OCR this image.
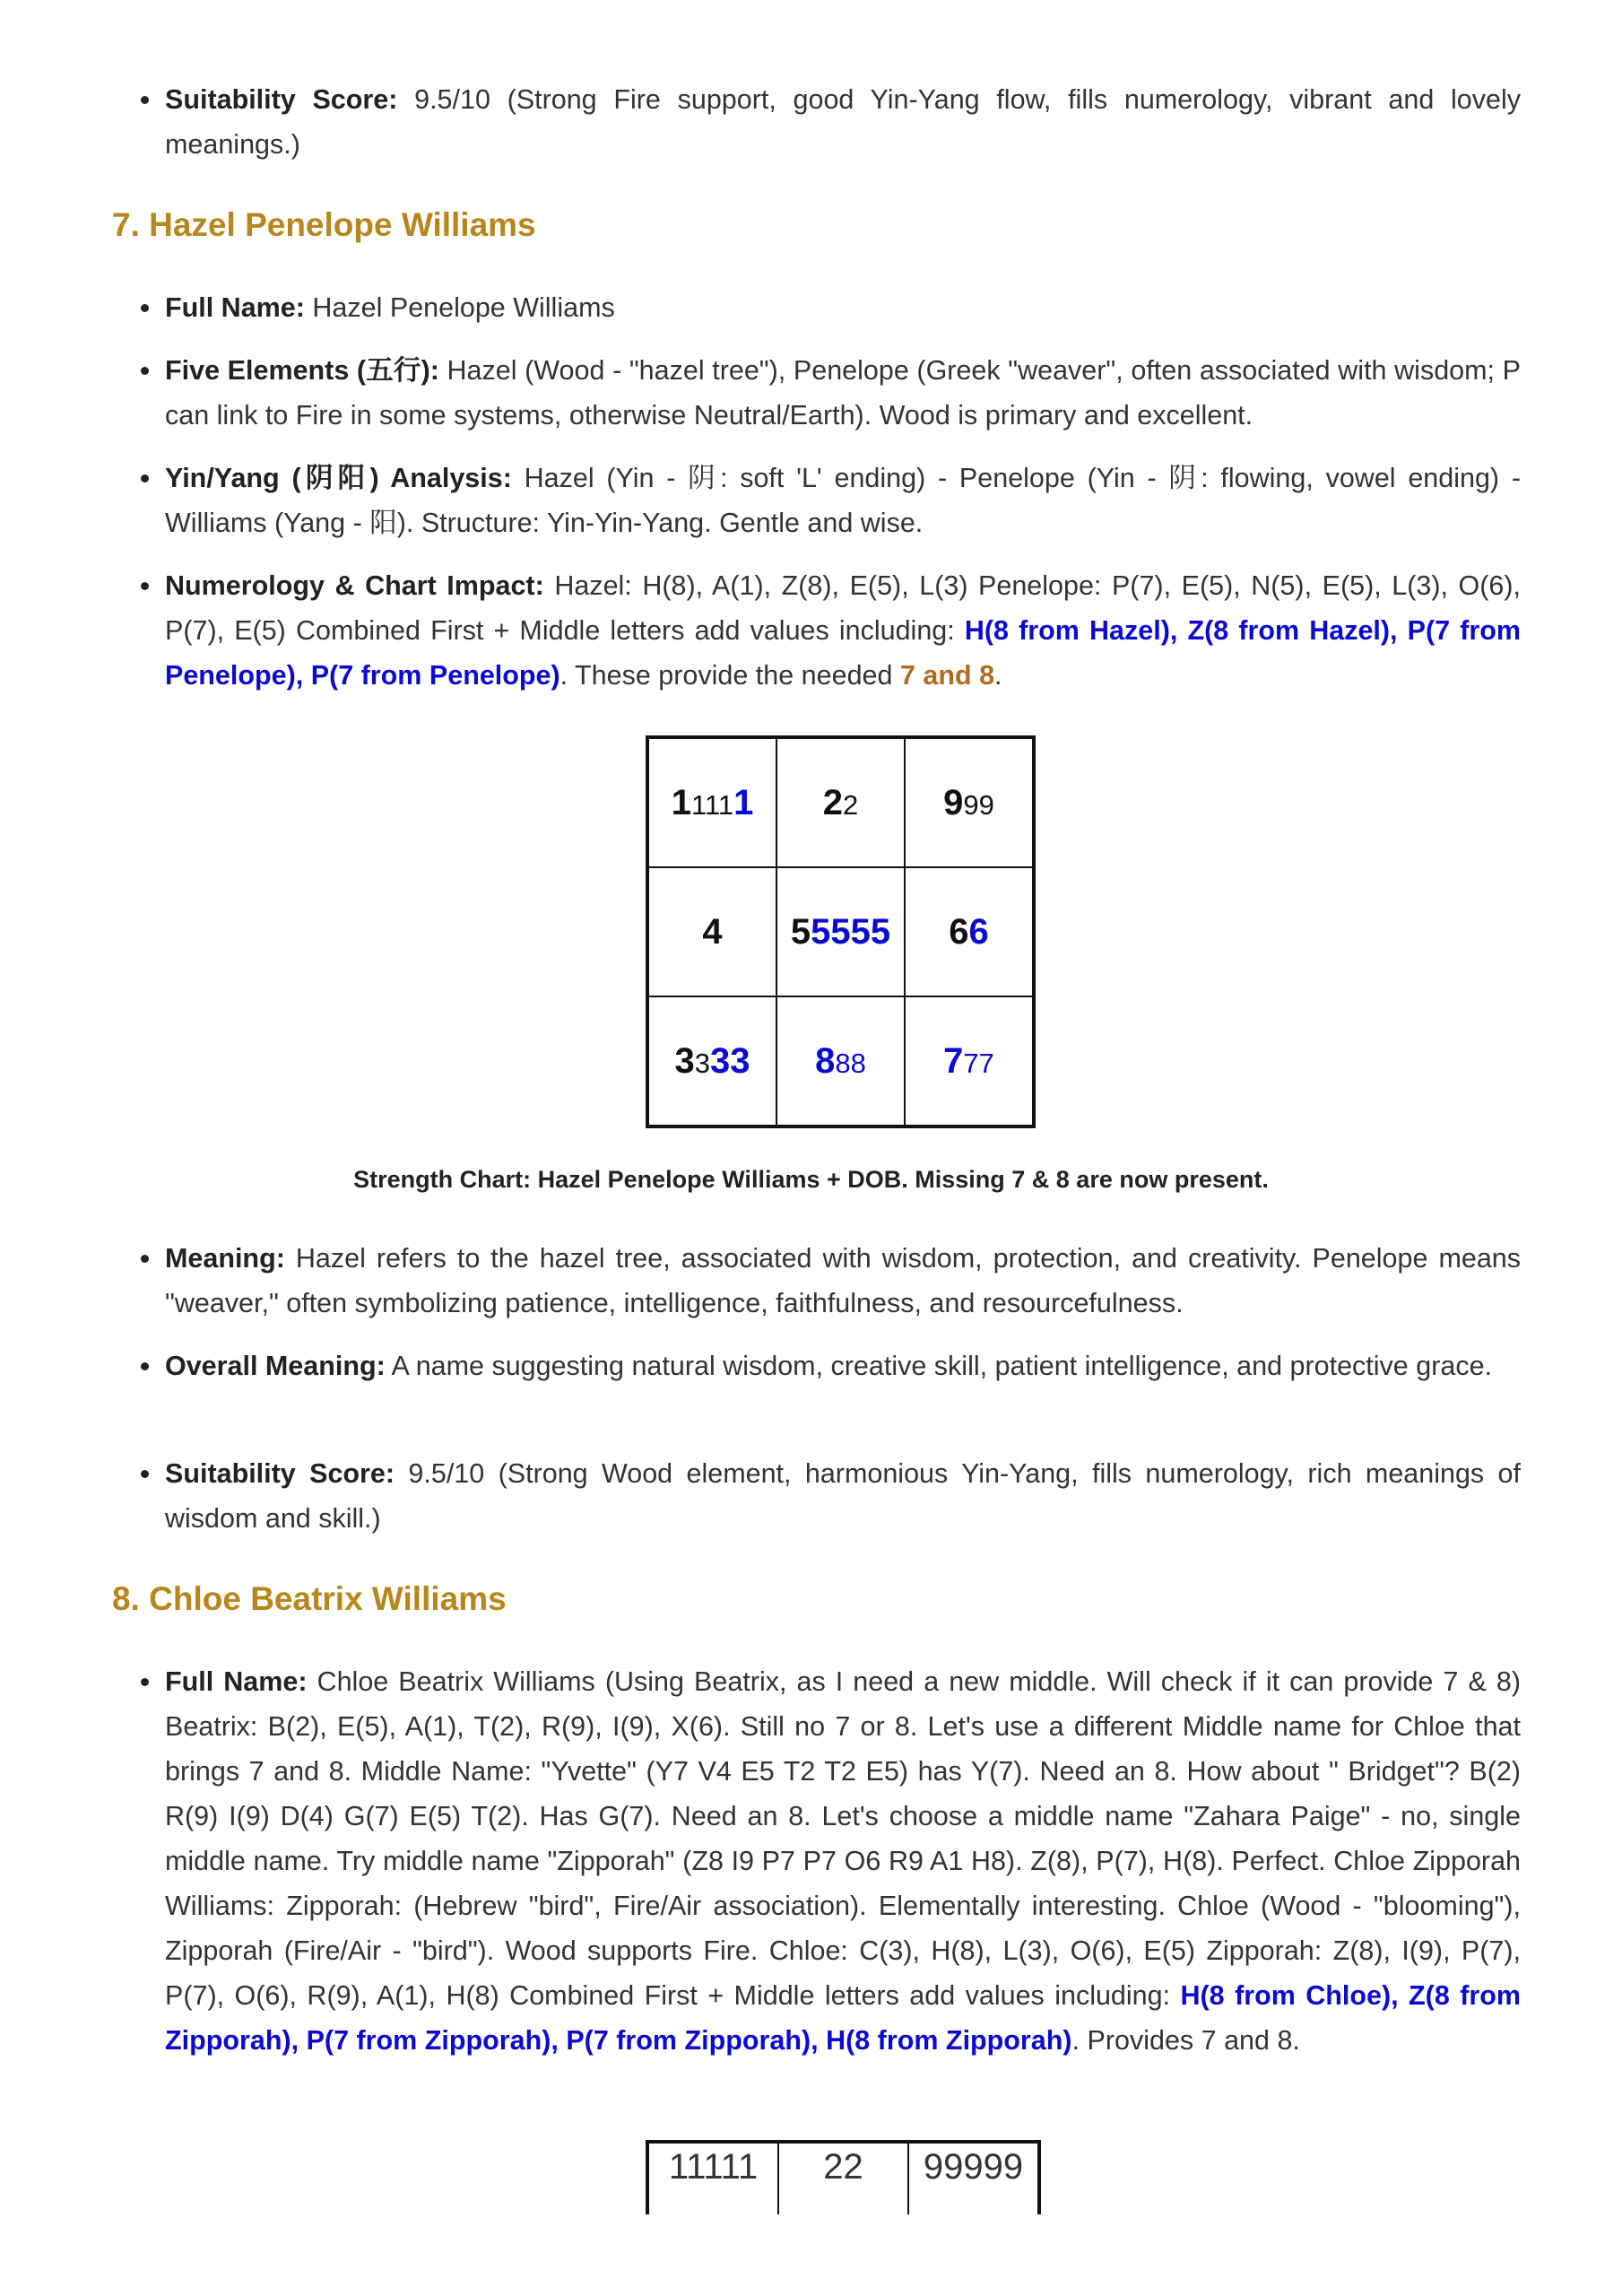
Suitability Score: 9.5/10 (Strong Fire support, good Yin-Yang flow, fills numerology, vibrant and lovely meanings.)
7. Hazel Penelope Williams
Full Name: Hazel Penelope Williams
Five Elements (五行): Hazel (Wood - "hazel tree"), Penelope (Greek "weaver", often associated with wisdom; P can link to Fire in some systems, otherwise Neutral/Earth). Wood is primary and excellent.
Yin/Yang (阴阳) Analysis: Hazel (Yin - 阴: soft 'L' ending) - Penelope (Yin - 阴: flowing, vowel ending) - Williams (Yang - 阳). Structure: Yin-Yin-Yang. Gentle and wise.
Numerology & Chart Impact: Hazel: H(8), A(1), Z(8), E(5), L(3) Penelope: P(7), E(5), N(5), E(5), L(3), O(6), P(7), E(5) Combined First + Middle letters add values including: H(8 from Hazel), Z(8 from Hazel), P(7 from Penelope), P(7 from Penelope). These provide the needed 7 and 8.
11111	22	999
4	55555	66
3333	888	777
Strength Chart: Hazel Penelope Williams + DOB. Missing 7 & 8 are now present.
Meaning: Hazel refers to the hazel tree, associated with wisdom, protection, and creativity. Penelope means "weaver," often symbolizing patience, intelligence, faithfulness, and resourcefulness.
Overall Meaning: A name suggesting natural wisdom, creative skill, patient intelligence, and protective grace.
Suitability Score: 9.5/10 (Strong Wood element, harmonious Yin-Yang, fills numerology, rich meanings of wisdom and skill.)
8. Chloe Beatrix Williams
Full Name: Chloe Beatrix Williams (Using Beatrix, as I need a new middle. Will check if it can provide 7 & 8) Beatrix: B(2), E(5), A(1), T(2), R(9), I(9), X(6). Still no 7 or 8. Let's use a different Middle name for Chloe that brings 7 and 8. Middle Name: "Yvette" (Y7 V4 E5 T2 T2 E5) has Y(7). Need an 8. How about " Bridget"? B(2) R(9) I(9) D(4) G(7) E(5) T(2). Has G(7). Need an 8. Let's choose a middle name "Zahara Paige" - no, single middle name. Try middle name "Zipporah" (Z8 I9 P7 P7 O6 R9 A1 H8). Z(8), P(7), H(8). Perfect. Chloe Zipporah Williams: Zipporah: (Hebrew "bird", Fire/Air association). Elementally interesting. Chloe (Wood - "blooming"), Zipporah (Fire/Air - "bird"). Wood supports Fire. Chloe: C(3), H(8), L(3), O(6), E(5) Zipporah: Z(8), I(9), P(7), P(7), O(6), R(9), A(1), H(8) Combined First + Middle letters add values including: H(8 from Chloe), Z(8 from Zipporah), P(7 from Zipporah), P(7 from Zipporah), H(8 from Zipporah). Provides 7 and 8.
11111	22	99999
